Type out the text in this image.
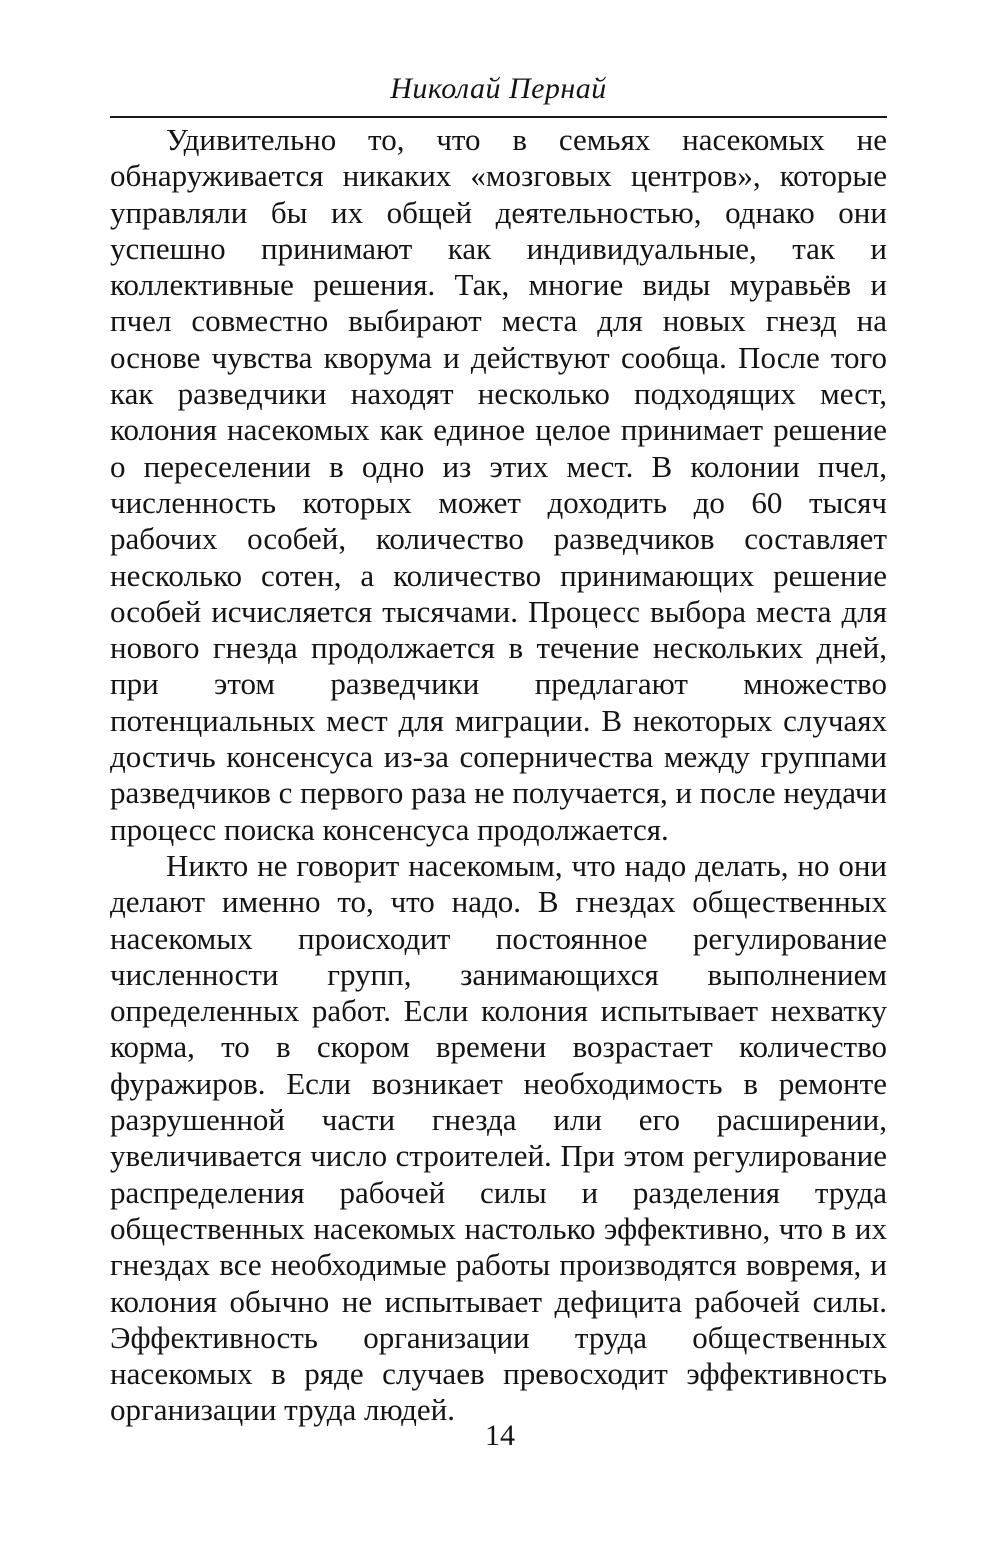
Николай Пернай

Удивительно то, что в семьях насекомых не обнаруживается никаких «мозговых центров», которые управляли бы их общей деятельностью, однако они успешно принимают как индивидуальные, так и коллективные решения. Так, многие виды муравьёв и пчел совместно выбирают места для новых гнезд на основе чувства кворума и действуют сообща. После того как разведчики находят несколько подходящих мест, колония насекомых как единое целое принимает решение о переселении в одно из этих мест. В колонии пчел, численность которых может доходить до 60 тысяч рабочих особей, количество разведчиков составляет несколько сотен, а количество принимающих решение особей исчисляется тысячами. Процесс выбора места для нового гнезда продолжается в течение нескольких дней, при этом разведчики предлагают множество потенциальных мест для миграции. В некоторых случаях достичь консенсуса из-за соперничества между группами разведчиков с первого раза не получается, и после неудачи процесс поиска консенсуса продолжается.

Никто не говорит насекомым, что надо делать, но они делают именно то, что надо. В гнездах общественных насекомых происходит постоянное регулирование численности групп, занимающихся выполнением определенных работ. Если колония испытывает нехватку корма, то в скором времени возрастает количество фуражиров. Если возникает необходимость в ремонте разрушенной части гнезда или его расширении, увеличивается число строителей. При этом регулирование распределения рабочей силы и разделения труда общественных насекомых настолько эффективно, что в их гнездах все необходимые работы производятся вовремя, и колония обычно не испытывает дефицита рабочей силы. Эффективность организации труда общественных насекомых в ряде случаев превосходит эффективность организации труда людей.

14
